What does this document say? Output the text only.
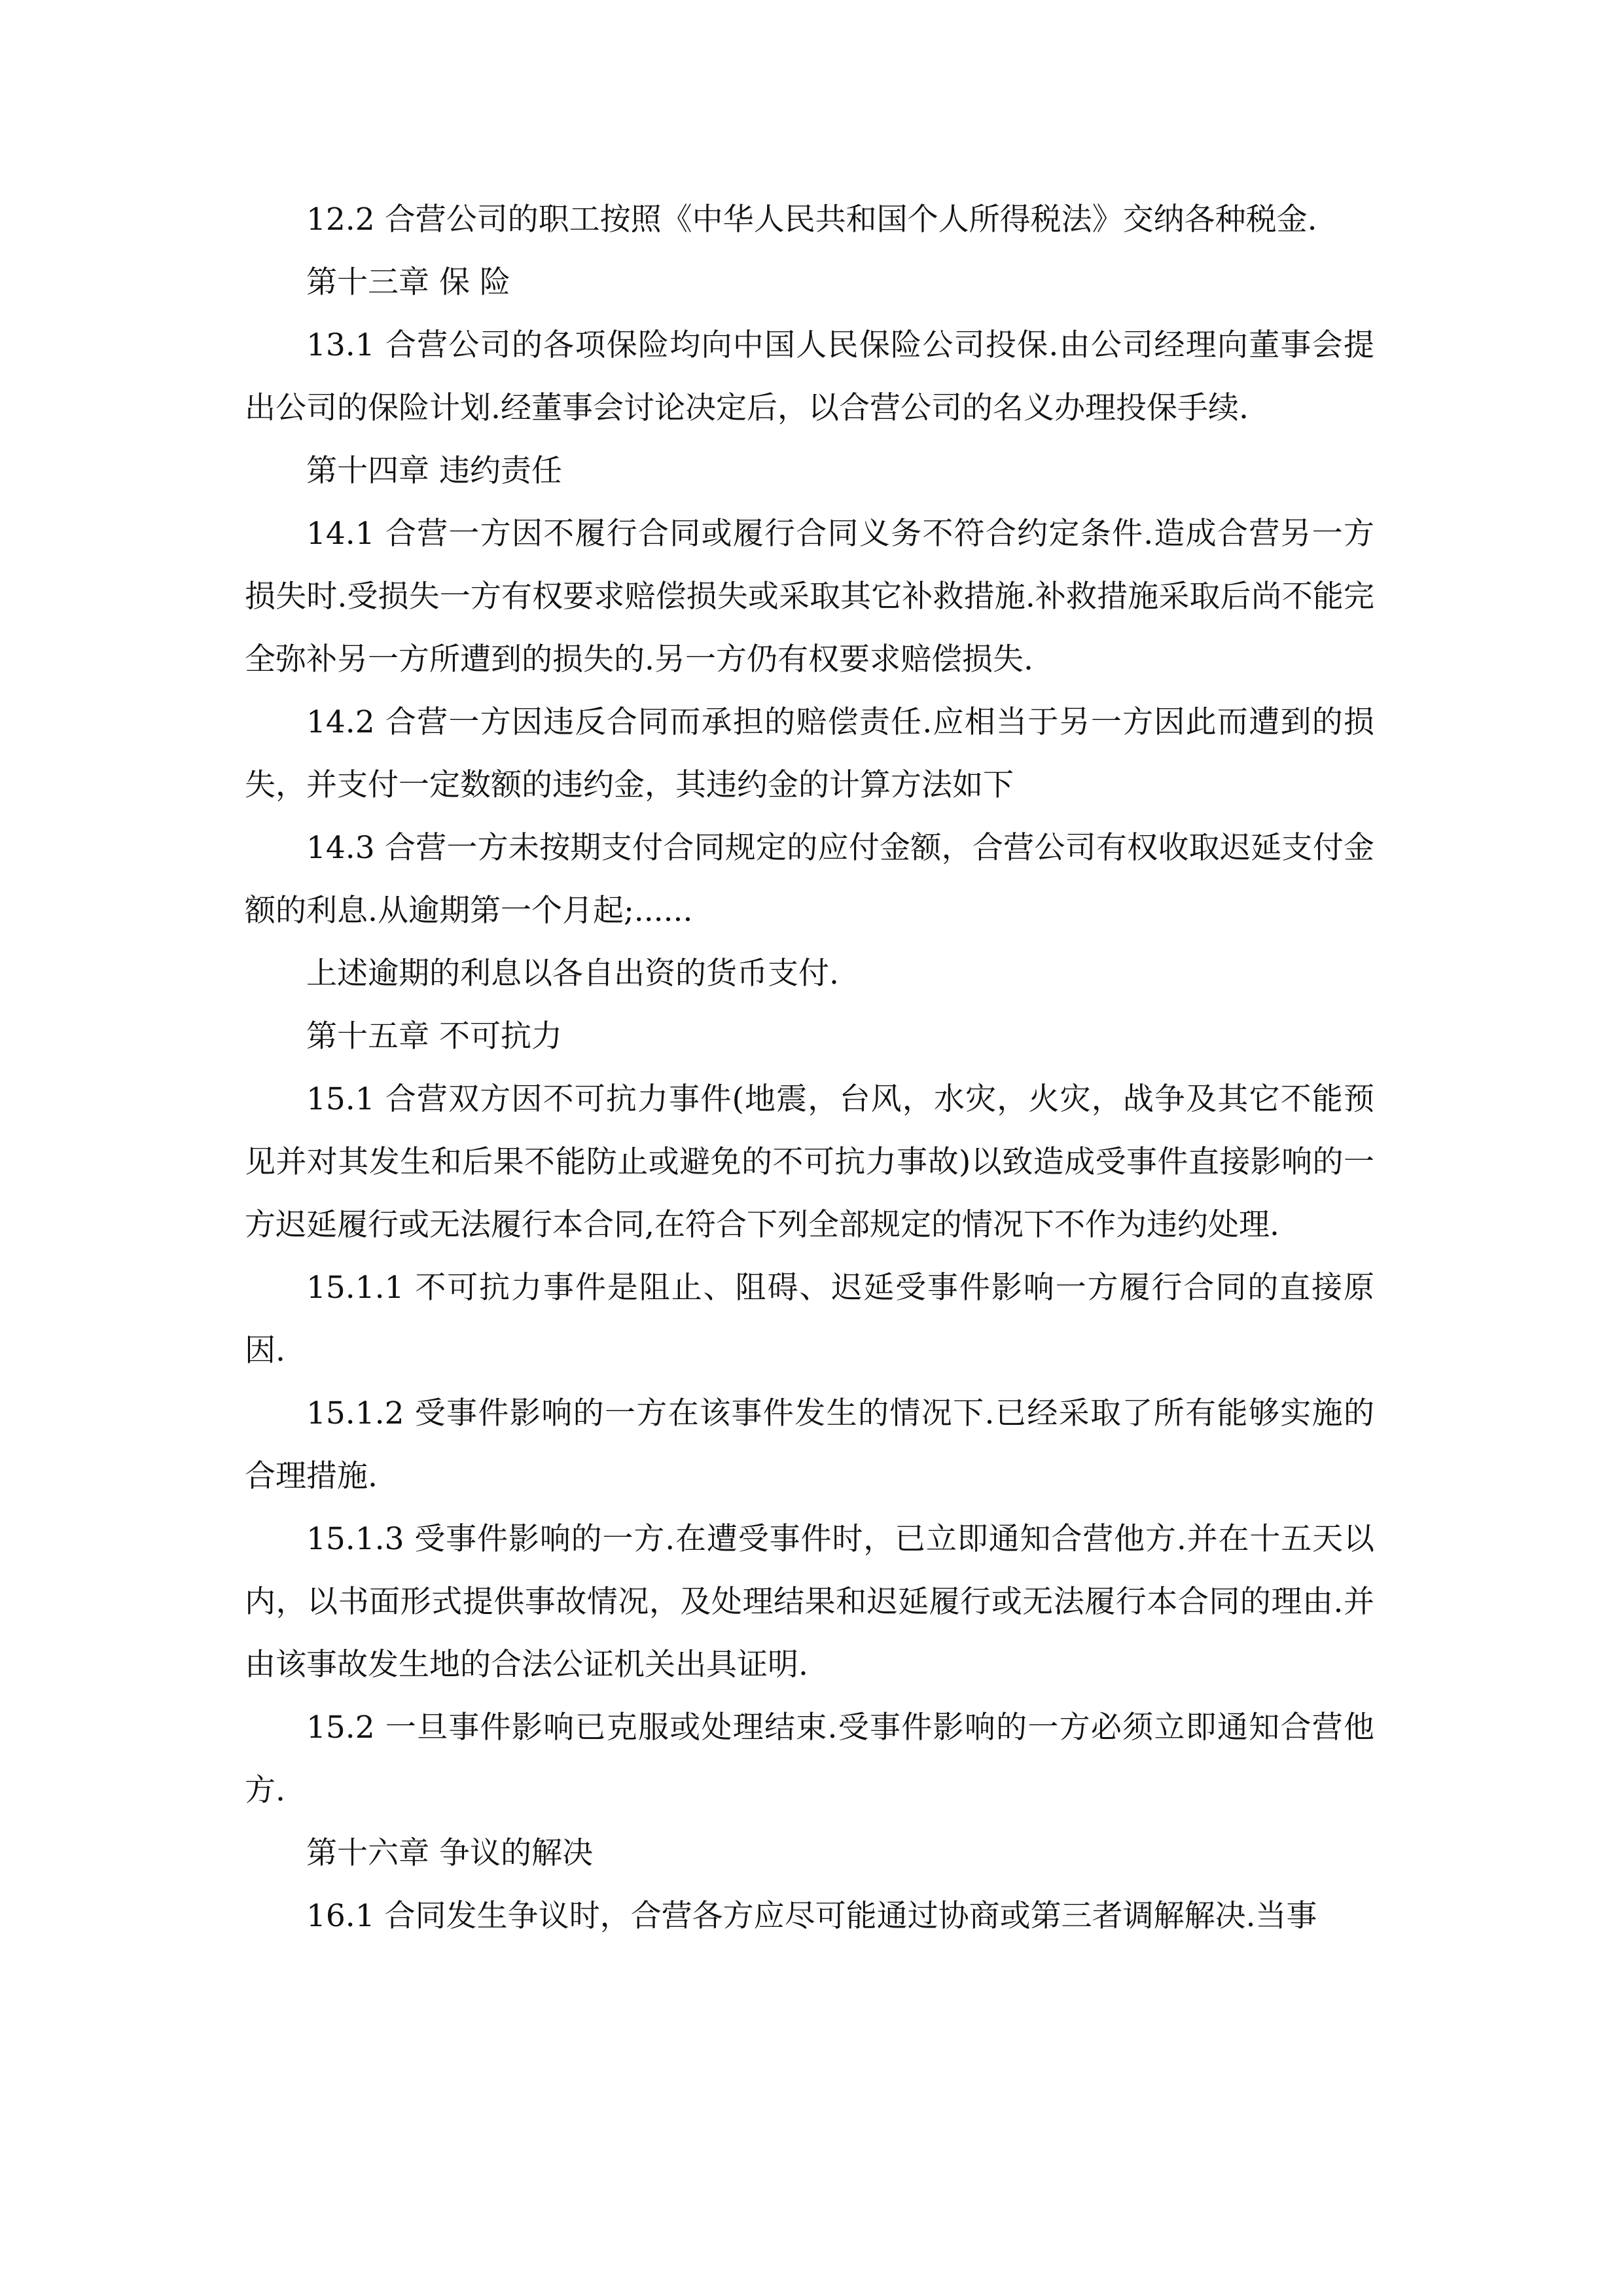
12.2 合营公司的职工按照《中华人民共和国个人所得税法》交纳各种税金.

第十三章 保 险

13.1 合营公司的各项保险均向中国人民保险公司投保.由公司经理向董事会提出公司的保险计划.经董事会讨论决定后，以合营公司的名义办理投保手续.

第十四章 违约责任

14.1 合营一方因不履行合同或履行合同义务不符合约定条件.造成合营另一方损失时.受损失一方有权要求赔偿损失或采取其它补救措施.补救措施采取后尚不能完全弥补另一方所遭到的损失的.另一方仍有权要求赔偿损失.

14.2 合营一方因违反合同而承担的赔偿责任.应相当于另一方因此而遭到的损失，并支付一定数额的违约金，其违约金的计算方法如下

14.3 合营一方未按期支付合同规定的应付金额，合营公司有权收取迟延支付金额的利息.从逾期第一个月起;......

上述逾期的利息以各自出资的货币支付.

第十五章 不可抗力

15.1 合营双方因不可抗力事件(地震，台风，水灾，火灾，战争及其它不能预见并对其发生和后果不能防止或避免的不可抗力事故)以致造成受事件直接影响的一方迟延履行或无法履行本合同,在符合下列全部规定的情况下不作为违约处理.

15.1.1 不可抗力事件是阻止、阻碍、迟延受事件影响一方履行合同的直接原因.

15.1.2 受事件影响的一方在该事件发生的情况下.已经采取了所有能够实施的合理措施.

15.1.3 受事件影响的一方.在遭受事件时，已立即通知合营他方.并在十五天以内，以书面形式提供事故情况，及处理结果和迟延履行或无法履行本合同的理由.并由该事故发生地的合法公证机关出具证明.

15.2 一旦事件影响已克服或处理结束.受事件影响的一方必须立即通知合营他方.

第十六章 争议的解决

16.1 合同发生争议时，合营各方应尽可能通过协商或第三者调解解决.当事
